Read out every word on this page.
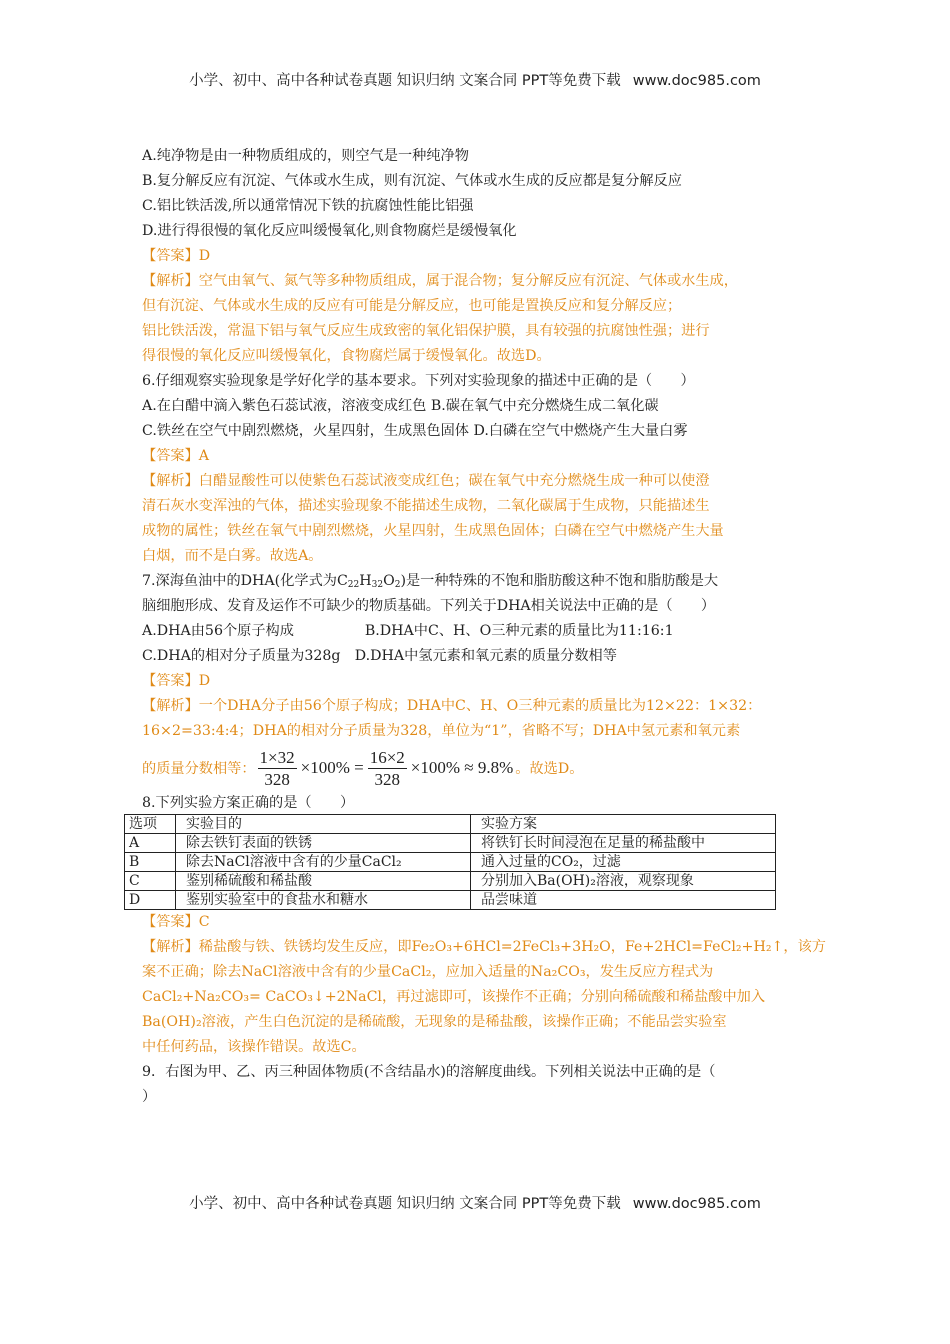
小学、初中、高中各种试卷真题 知识归纳 文案合同 PPT等免费下载 www.doc985.com
A.纯净物是由一种物质组成的，则空气是一种纯净物
B.复分解反应有沉淀、气体或水生成，则有沉淀、气体或水生成的反应都是复分解反应
C.铝比铁活泼,所以通常情况下铁的抗腐蚀性能比铝强
D.进行得很慢的氧化反应叫缓慢氧化,则食物腐烂是缓慢氧化
【答案】D
【解析】空气由氧气、氮气等多种物质组成，属于混合物；复分解反应有沉淀、气体或水生成，
但有沉淀、气体或水生成的反应有可能是分解反应，也可能是置换反应和复分解反应；
铝比铁活泼，常温下铝与氧气反应生成致密的氧化铝保护膜，具有较强的抗腐蚀性强；进行
得很慢的氧化反应叫缓慢氧化，食物腐烂属于缓慢氧化。故选D。
6.仔细观察实验现象是学好化学的基本要求。下列对实验现象的描述中正确的是（　　）
A.在白醋中滴入紫色石蕊试液，溶液变成红色 B.碳在氧气中充分燃烧生成二氧化碳
C.铁丝在空气中剧烈燃烧，火星四射，生成黑色固体 D.白磷在空气中燃烧产生大量白雾
【答案】A
【解析】白醋显酸性可以使紫色石蕊试液变成红色；碳在氧气中充分燃烧生成一种可以使澄
清石灰水变浑浊的气体，描述实验现象不能描述生成物，二氧化碳属于生成物，只能描述生
成物的属性；铁丝在氧气中剧烈燃烧，火星四射，生成黑色固体；白磷在空气中燃烧产生大量
白烟，而不是白雾。故选A。
7.深海鱼油中的DHA(化学式为$C_{22}H_{32}O_2$)是一种特殊的不饱和脂肪酸这种不饱和脂肪酸是大
脑细胞形成、发育及运作不可缺少的物质基础。下列关于DHA相关说法中正确的是（　　）
A.DHA由56个原子构成　　　　　B.DHA中C、H、O三种元素的质量比为11:16:1
C.DHA的相对分子质量为328g　D.DHA中氢元素和氧元素的质量分数相等
【答案】D
【解析】一个DHA分子由56个原子构成；DHA中C、H、O三种元素的质量比为12×22：1×32：
16×2=33:4:4；DHA的相对分子质量为328，单位为“1”，省略不写；DHA中氢元素和氧元素
的质量分数相等： $\frac{1\times 32}{328} \times 100\% = \frac{16\times 2}{328} \times 100\% \approx 9.8\%$ 。故选D。
8.下列实验方案正确的是（　　）
选项	实验目的	实验方案
A	除去铁钉表面的铁锈	将铁钉长时间浸泡在足量的稀盐酸中
B	除去NaCl溶液中含有的少量CaCl₂	通入过量的CO₂，过滤
C	鉴别稀硫酸和稀盐酸	分别加入Ba(OH)₂溶液，观察现象
D	鉴别实验室中的食盐水和糖水	品尝味道
【答案】C
【解析】稀盐酸与铁、铁锈均发生反应，即Fe₂O₃+6HCl=2FeCl₃+3H₂O，Fe+2HCl=FeCl₂+H₂↑，该方
案不正确；除去NaCl溶液中含有的少量CaCl₂，应加入适量的Na₂CO₃，发生反应方程式为
CaCl₂+Na₂CO₃= CaCO₃↓+2NaCl，再过滤即可，该操作不正确；分别向稀硫酸和稀盐酸中加入
Ba(OH)₂溶液，产生白色沉淀的是稀硫酸，无现象的是稀盐酸，该操作正确；不能品尝实验室
中任何药品，该操作错误。故选C。
9．右图为甲、乙、丙三种固体物质(不含结晶水)的溶解度曲线。下列相关说法中正确的是（
）
小学、初中、高中各种试卷真题 知识归纳 文案合同 PPT等免费下载 www.doc985.com
